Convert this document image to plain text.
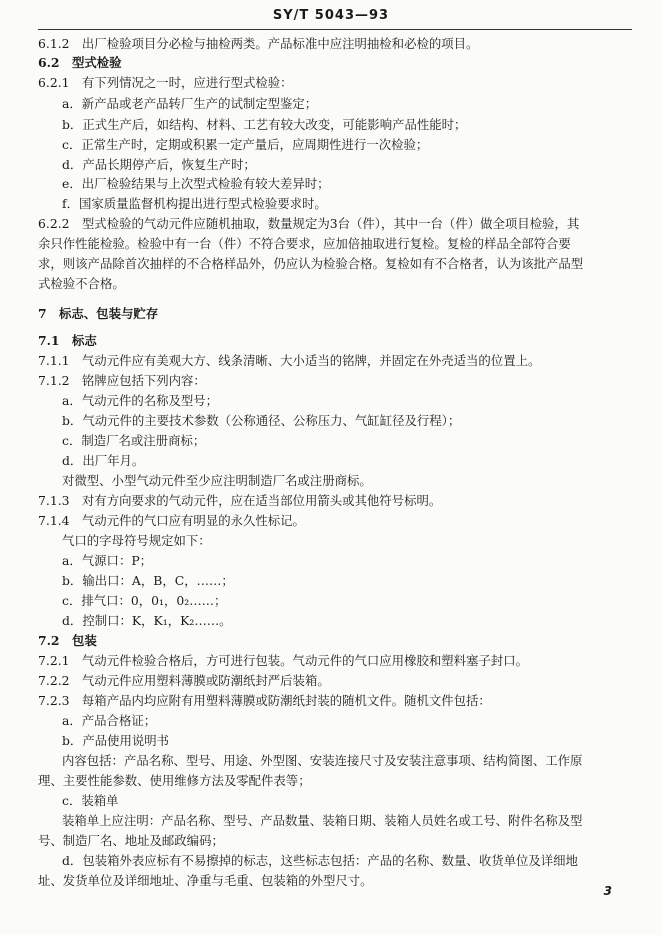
SY/T 5043—93
6.1.2　出厂检验项目分必检与抽检两类。产品标准中应注明抽检和必检的项目。
6.2　型式检验
6.2.1　有下列情况之一时，应进行型式检验：
a．新产品或老产品转厂生产的试制定型鉴定；
b．正式生产后，如结构、材料、工艺有较大改变，可能影响产品性能时；
c．正常生产时，定期或积累一定产量后，应周期性进行一次检验；
d．产品长期停产后，恢复生产时；
e．出厂检验结果与上次型式检验有较大差异时；
f．国家质量监督机构提出进行型式检验要求时。
6.2.2　型式检验的气动元件应随机抽取，数量规定为3台（件），其中一台（件）做全项目检验，其
余只作性能检验。检验中有一台（件）不符合要求，应加倍抽取进行复检。复检的样品全部符合要
求，则该产品除首次抽样的不合格样品外，仍应认为检验合格。复检如有不合格者，认为该批产品型
式检验不合格。
7　标志、包装与贮存
7.1　标志
7.1.1　气动元件应有美观大方、线条清晰、大小适当的铭牌，并固定在外壳适当的位置上。
7.1.2　铭牌应包括下列内容：
a．气动元件的名称及型号；
b．气动元件的主要技术参数（公称通径、公称压力、气缸缸径及行程）；
c．制造厂名或注册商标；
d．出厂年月。
对微型、小型气动元件至少应注明制造厂名或注册商标。
7.1.3　对有方向要求的气动元件，应在适当部位用箭头或其他符号标明。
7.1.4　气动元件的气口应有明显的永久性标记。
气口的字母符号规定如下：
a．气源口：P；
b．输出口：A，B，C，……；
c．排气口：0，0₁，0₂……；
d．控制口：K，K₁，K₂……。
7.2　包装
7.2.1　气动元件检验合格后，方可进行包装。气动元件的气口应用橡胶和塑料塞子封口。
7.2.2　气动元件应用塑料薄膜或防潮纸封严后装箱。
7.2.3　每箱产品内均应附有用塑料薄膜或防潮纸封装的随机文件。随机文件包括：
a．产品合格证；
b．产品使用说明书
内容包括：产品名称、型号、用途、外型图、安装连接尺寸及安装注意事项、结构简图、工作原
理、主要性能参数、使用维修方法及零配件表等；
c．装箱单
装箱单上应注明：产品名称、型号、产品数量、装箱日期、装箱人员姓名或工号、附件名称及型
号、制造厂名、地址及邮政编码；
d．包装箱外表应标有不易擦掉的标志，这些标志包括：产品的名称、数量、收货单位及详细地
址、发货单位及详细地址、净重与毛重、包装箱的外型尺寸。
3
